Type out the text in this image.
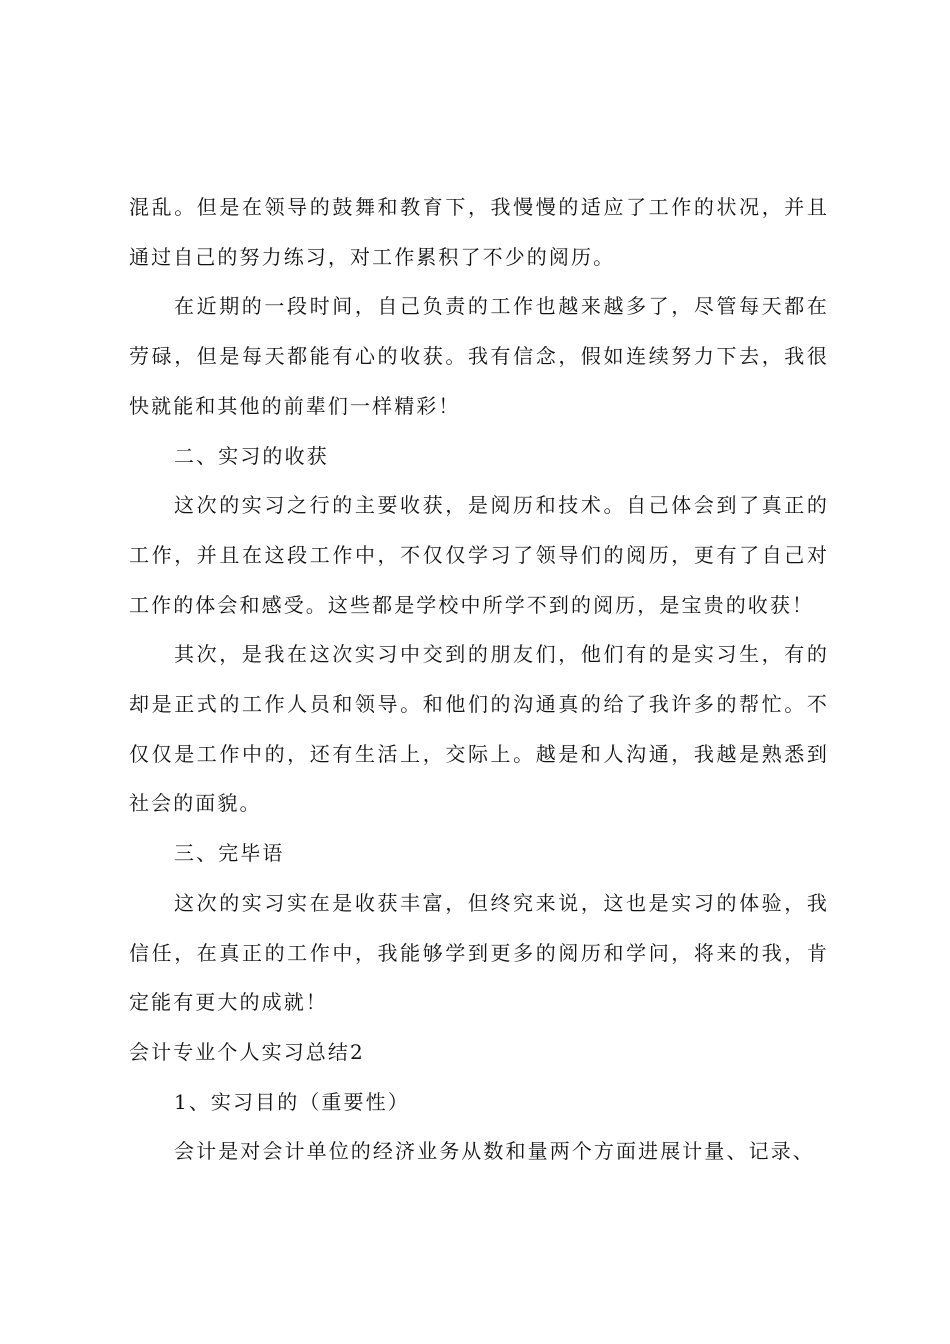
混乱。但是在领导的鼓舞和教育下，我慢慢的适应了工作的状况，并且通过自己的努力练习，对工作累积了不少的阅历。

在近期的一段时间，自己负责的工作也越来越多了，尽管每天都在劳碌，但是每天都能有心的收获。我有信念，假如连续努力下去，我很快就能和其他的前辈们一样精彩！

二、实习的收获

这次的实习之行的主要收获，是阅历和技术。自己体会到了真正的工作，并且在这段工作中，不仅仅学习了领导们的阅历，更有了自己对工作的体会和感受。这些都是学校中所学不到的阅历，是宝贵的收获！

其次，是我在这次实习中交到的朋友们，他们有的是实习生，有的却是正式的工作人员和领导。和他们的沟通真的给了我许多的帮忙。不仅仅是工作中的，还有生活上，交际上。越是和人沟通，我越是熟悉到社会的面貌。

三、完毕语

这次的实习实在是收获丰富，但终究来说，这也是实习的体验，我信任，在真正的工作中，我能够学到更多的阅历和学问，将来的我，肯定能有更大的成就！

会计专业个人实习总结2

1、实习目的（重要性）

会计是对会计单位的经济业务从数和量两个方面进展计量、记录、
